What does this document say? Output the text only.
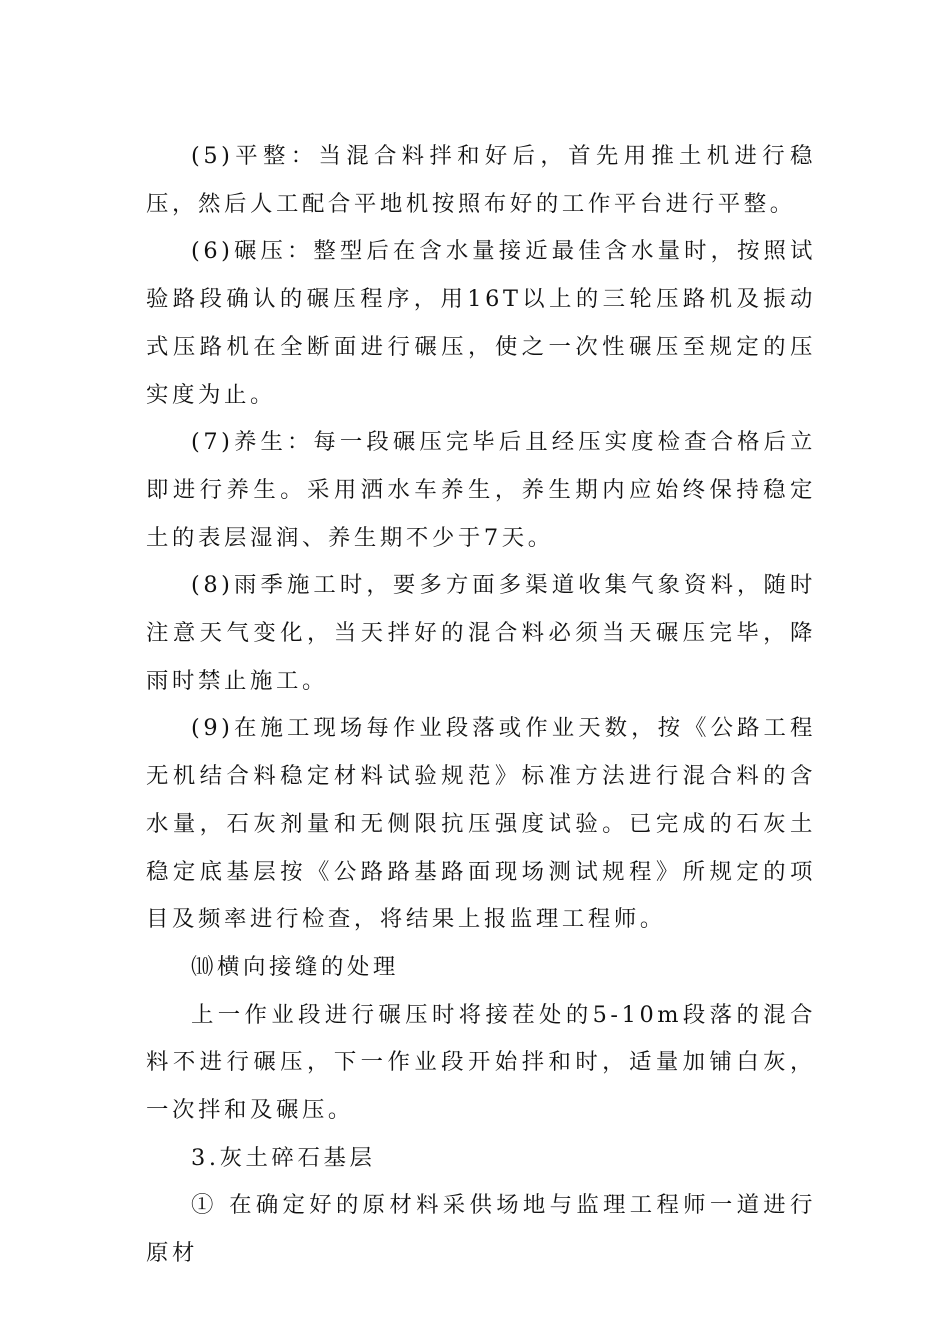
(5)平整：当混合料拌和好后，首先用推土机进行稳压，然后人工配合平地机按照布好的工作平台进行平整。

(6)碾压：整型后在含水量接近最佳含水量时，按照试验路段确认的碾压程序，用16T以上的三轮压路机及振动式压路机在全断面进行碾压，使之一次性碾压至规定的压实度为止。

(7)养生：每一段碾压完毕后且经压实度检查合格后立即进行养生。采用洒水车养生，养生期内应始终保持稳定土的表层湿润、养生期不少于7天。

(8)雨季施工时，要多方面多渠道收集气象资料，随时注意天气变化，当天拌好的混合料必须当天碾压完毕，降雨时禁止施工。

(9)在施工现场每作业段落或作业天数，按《公路工程无机结合料稳定材料试验规范》标准方法进行混合料的含水量，石灰剂量和无侧限抗压强度试验。已完成的石灰土稳定底基层按《公路路基路面现场测试规程》所规定的项目及频率进行检查，将结果上报监理工程师。

⑽横向接缝的处理

上一作业段进行碾压时将接茬处的5-10m段落的混合料不进行碾压，下一作业段开始拌和时，适量加铺白灰，一次拌和及碾压。

3.灰土碎石基层

① 在确定好的原材料采供场地与监理工程师一道进行原材
